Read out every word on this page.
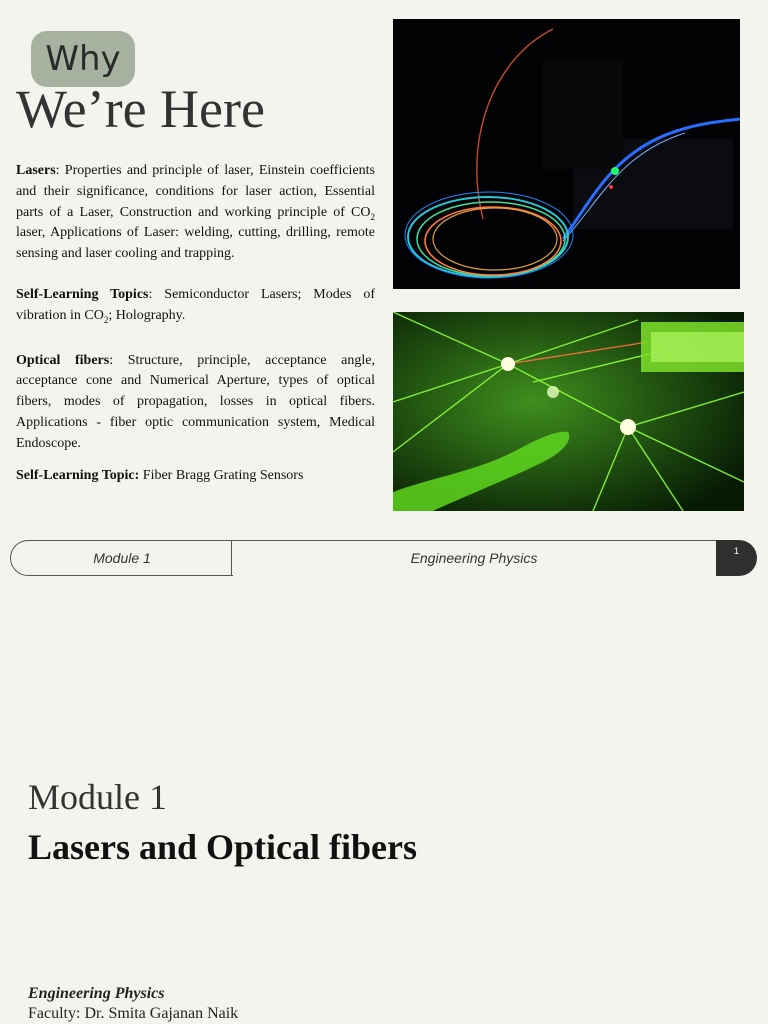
Why
We’re Here

Lasers: Properties and principle of laser, Einstein coefficients and their significance, conditions for laser action, Essential parts of a Laser, Construction and working principle of $CO_2$ laser, Applications of Laser: welding, cutting, drilling, remote sensing and laser cooling and trapping.

Self-Learning Topics: Semiconductor Lasers; Modes of vibration in $CO_2$; Holography.

Optical fibers: Structure, principle, acceptance angle, acceptance cone and Numerical Aperture, types of optical fibers, modes of propagation, losses in optical fibers. Applications - fiber optic communication system, Medical Endoscope.

Self-Learning Topic: Fiber Bragg Grating Sensors

Module 1	Engineering Physics	1
Module 1
Lasers and Optical fibers
Engineering Physics
Faculty: Dr. Smita Gajanan Naik
